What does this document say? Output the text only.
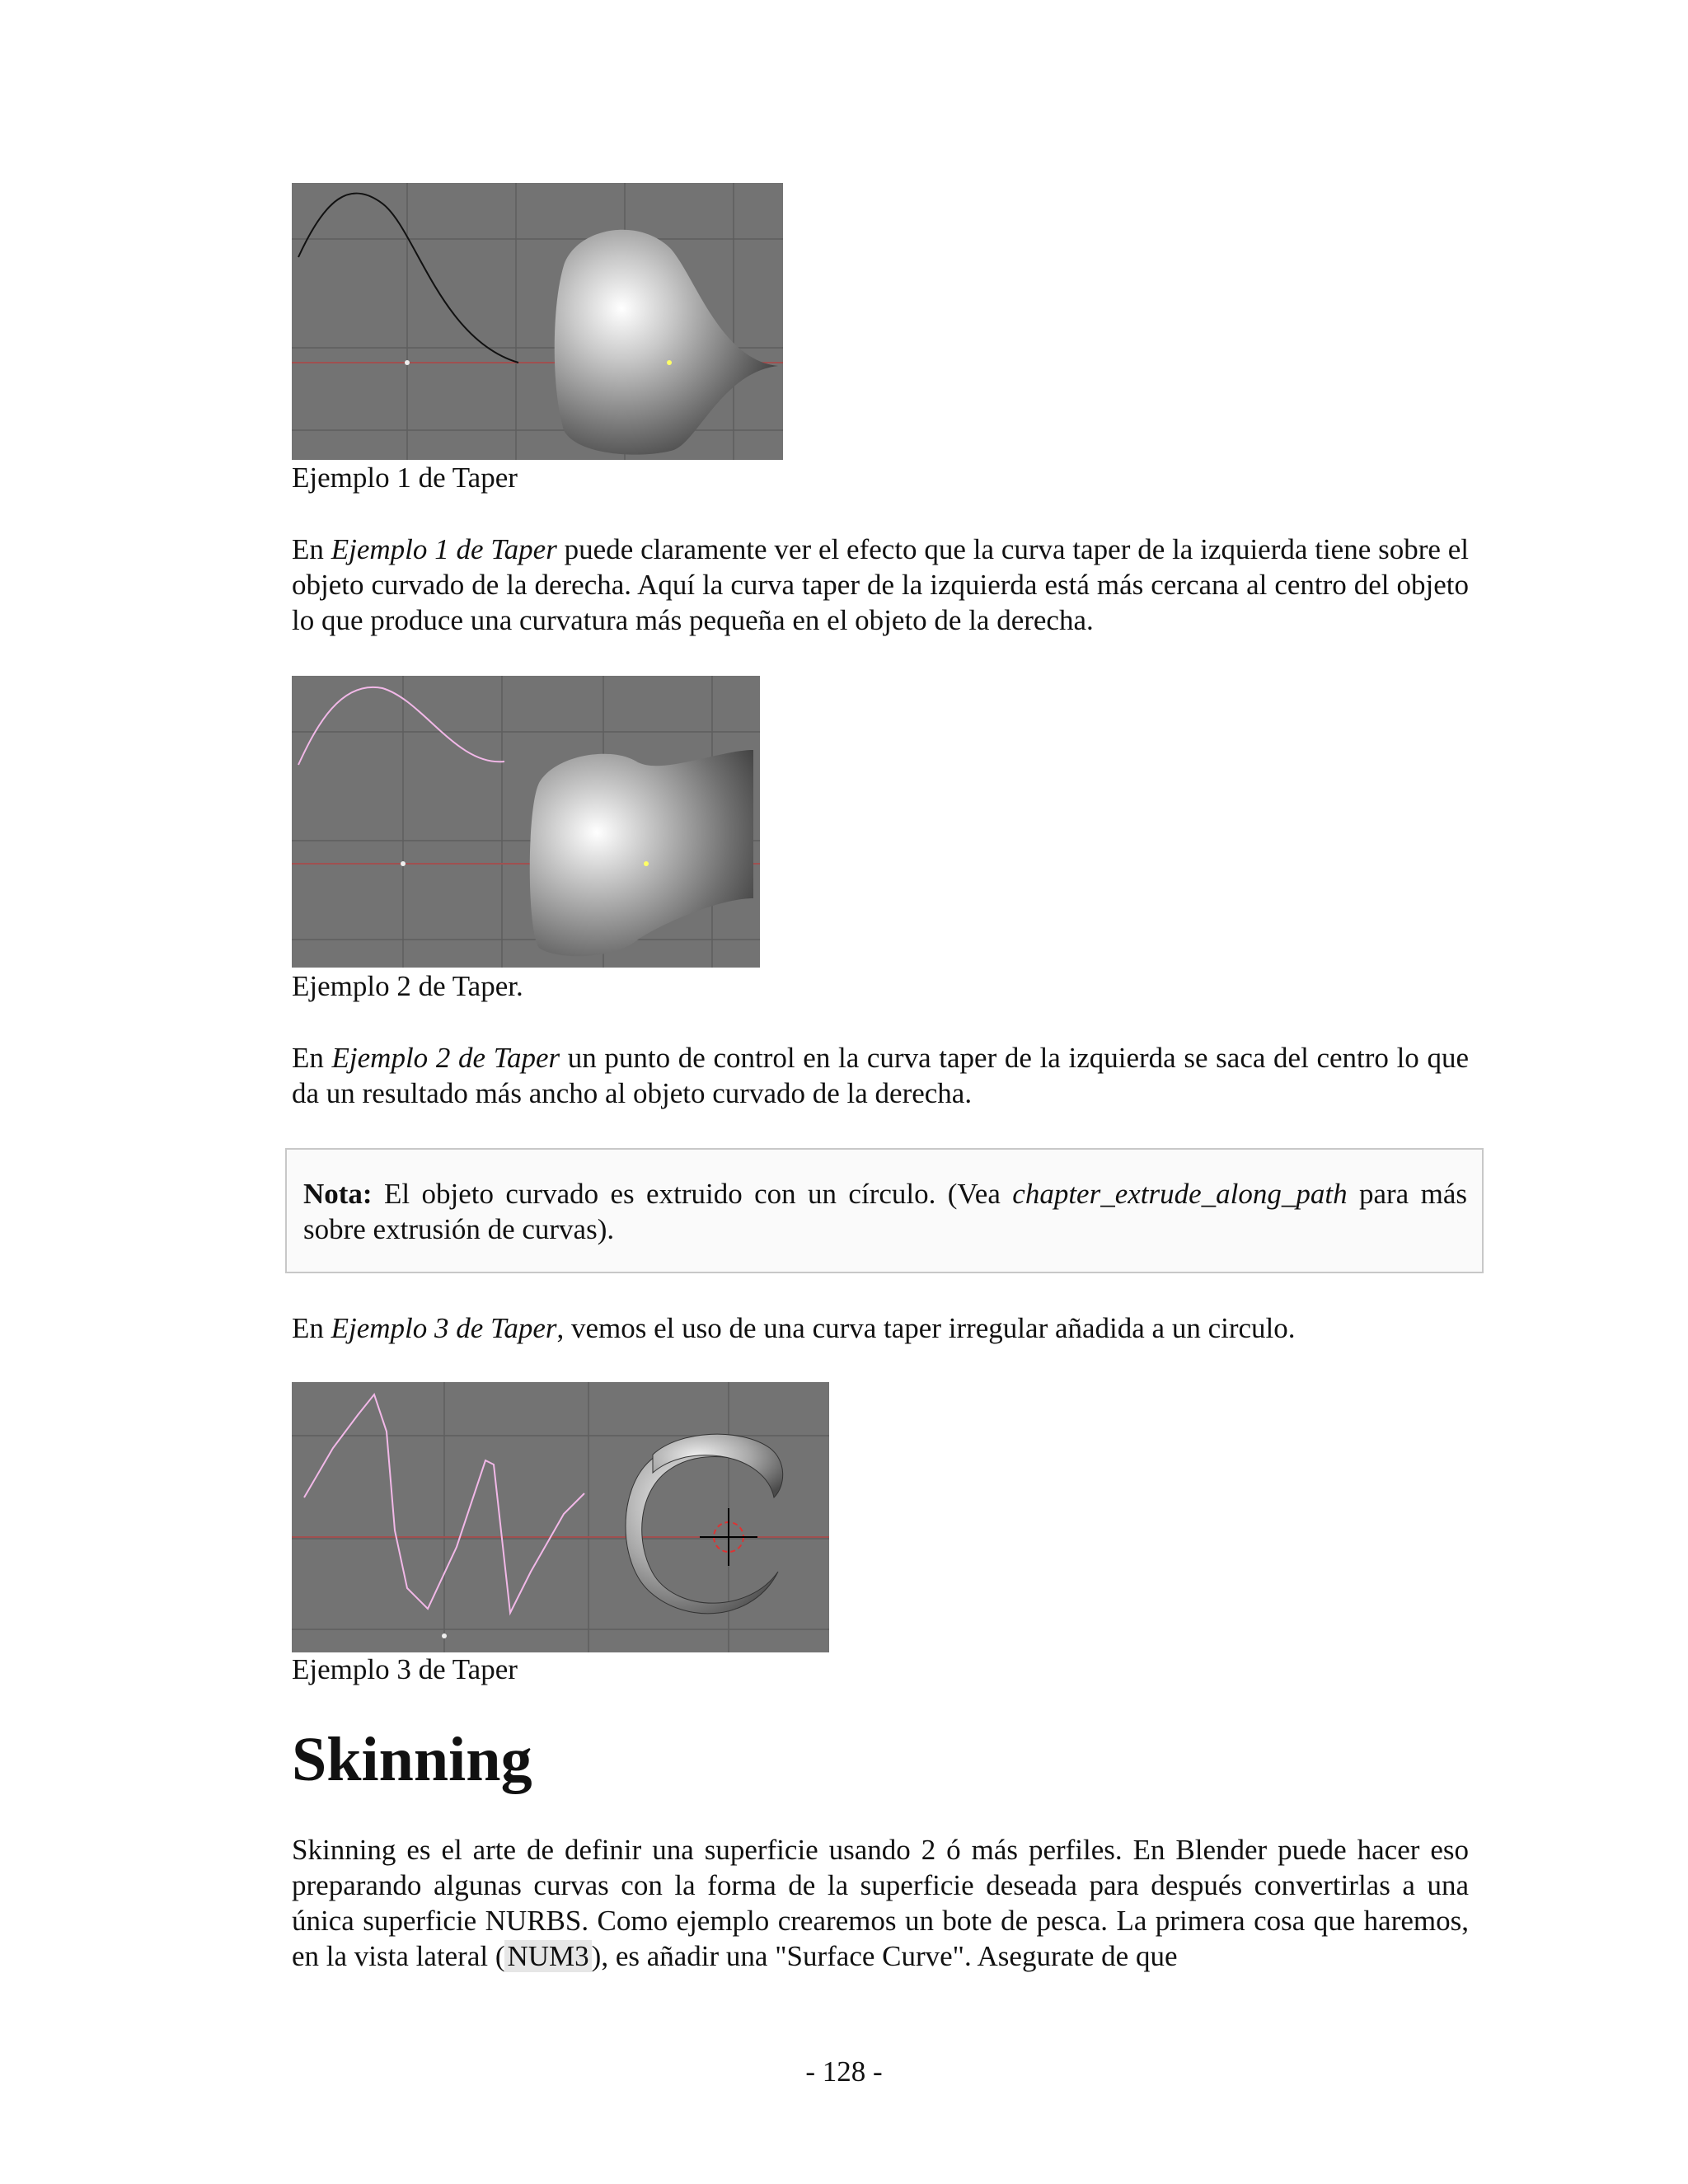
Ejemplo 1 de Taper

En Ejemplo 1 de Taper puede claramente ver el efecto que la curva taper de la izquierda tiene sobre el objeto curvado de la derecha. Aquí la curva taper de la izquierda está más cercana al centro del objeto lo que produce una curvatura más pequeña en el objeto de la derecha.

Ejemplo 2 de Taper.

En Ejemplo 2 de Taper un punto de control en la curva taper de la izquierda se saca del centro lo que da un resultado más ancho al objeto curvado de la derecha.

Nota: El objeto curvado es extruido con un círculo. (Vea chapter_extrude_along_path para más sobre extrusión de curvas).

En Ejemplo 3 de Taper, vemos el uso de una curva taper irregular añadida a un circulo.

Ejemplo 3 de Taper

Skinning

Skinning es el arte de definir una superficie usando 2 ó más perfiles. En Blender puede hacer eso preparando algunas curvas con la forma de la superficie deseada para después convertirlas a una única superficie NURBS. Como ejemplo crearemos un bote de pesca. La primera cosa que haremos, en la vista lateral (NUM3), es añadir una "Surface Curve". Asegurate de que

- 128 -
